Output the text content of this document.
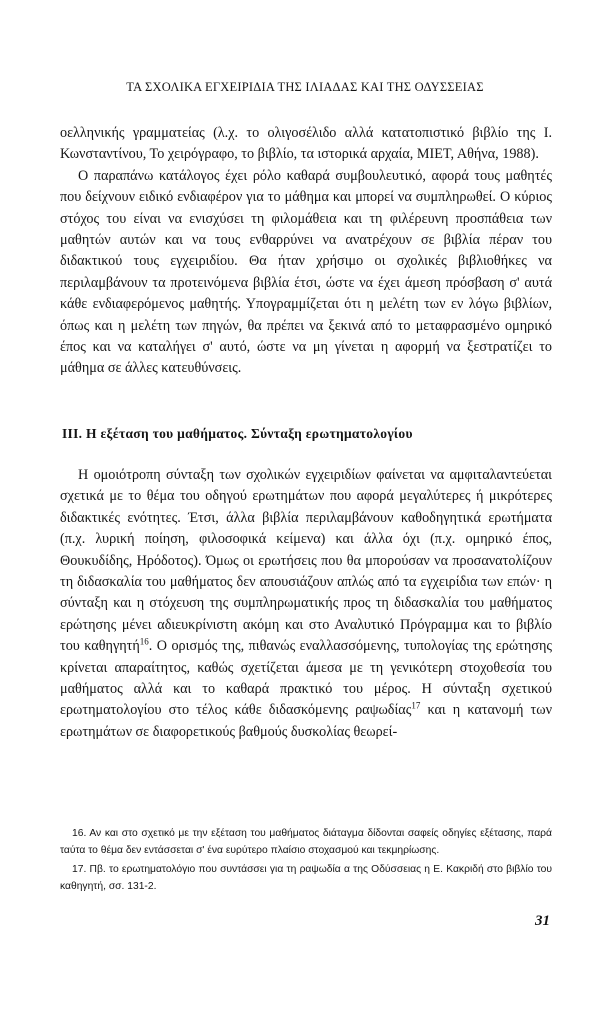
ΤΑ ΣΧΟΛΙΚΑ ΕΓΧΕΙΡΙΔΙΑ ΤΗΣ ΙΛΙΑΔΑΣ ΚΑΙ ΤΗΣ ΟΔΥΣΣΕΙΑΣ

οελληνικής γραμματείας (λ.χ. το ολιγοσέλιδο αλλά κατατοπιστικό βιβλίο της Ι. Κωνσταντίνου, Το χειρόγραφο, το βιβλίο, τα ιστορικά αρχαία, ΜΙΕΤ, Αθήνα, 1988).

Ο παραπάνω κατάλογος έχει ρόλο καθαρά συμβουλευτικό, αφορά τους μαθητές που δείχνουν ειδικό ενδιαφέρον για το μάθημα και μπορεί να συμπληρωθεί. Ο κύριος στόχος του είναι να ενισχύσει τη φιλομάθεια και τη φιλέρευνη προσπάθεια των μαθητών αυτών και να τους ενθαρρύνει να ανατρέχουν σε βιβλία πέραν του διδακτικού τους εγχειριδίου. Θα ήταν χρήσιμο οι σχολικές βιβλιοθήκες να περιλαμβάνουν τα προτεινόμενα βιβλία έτσι, ώστε να έχει άμεση πρόσβαση σ' αυτά κάθε ενδιαφερόμενος μαθητής. Υπογραμμίζεται ότι η μελέτη των εν λόγω βιβλίων, όπως και η μελέτη των πηγών, θα πρέπει να ξεκινά από το μεταφρασμένο ομηρικό έπος και να καταλήγει σ' αυτό, ώστε να μη γίνεται η αφορμή να ξεστρατίζει το μάθημα σε άλλες κατευθύνσεις.

ΙΙΙ. Η εξέταση του μαθήματος. Σύνταξη ερωτηματολογίου

Η ομοιότροπη σύνταξη των σχολικών εγχειριδίων φαίνεται να αμφιταλαντεύεται σχετικά με το θέμα του οδηγού ερωτημάτων που αφορά μεγαλύτερες ή μικρότερες διδακτικές ενότητες. Έτσι, άλλα βιβλία περιλαμβάνουν καθοδηγητικά ερωτήματα (π.χ. λυρική ποίηση, φιλοσοφικά κείμενα) και άλλα όχι (π.χ. ομηρικό έπος, Θουκυδίδης, Ηρόδοτος). Όμως οι ερωτήσεις που θα μπορούσαν να προσανατολίζουν τη διδασκαλία του μαθήματος δεν απουσιάζουν απλώς από τα εγχειρίδια των επών· η σύνταξη και η στόχευση της συμπληρωματικής προς τη διδασκαλία του μαθήματος ερώτησης μένει αδιευκρίνιστη ακόμη και στο Αναλυτικό Πρόγραμμα και το βιβλίο του καθηγητή$^{16}$. Ο ορισμός της, πιθανώς εναλλασσόμενης, τυπολογίας της ερώτησης κρίνεται απαραίτητος, καθώς σχετίζεται άμεσα με τη γενικότερη στοχοθεσία του μαθήματος αλλά και το καθαρά πρακτικό του μέρος. Η σύνταξη σχετικού ερωτηματολογίου στο τέλος κάθε διδασκόμενης ραψωδίας$^{17}$ και η κατανομή των ερωτημάτων σε διαφορετικούς βαθμούς δυσκολίας θεωρεί-

16. Αν και στο σχετικό με την εξέταση του μαθήματος διάταγμα δίδονται σαφείς οδηγίες εξέτασης, παρά ταύτα το θέμα δεν εντάσσεται σ' ένα ευρύτερο πλαίσιο στοχασμού και τεκμηρίωσης.

17. Πβ. το ερωτηματολόγιο που συντάσσει για τη ραψωδία α της Οδύσσειας η Ε. Κακριδή στο βιβλίο του καθηγητή, σσ. 131-2.

31
